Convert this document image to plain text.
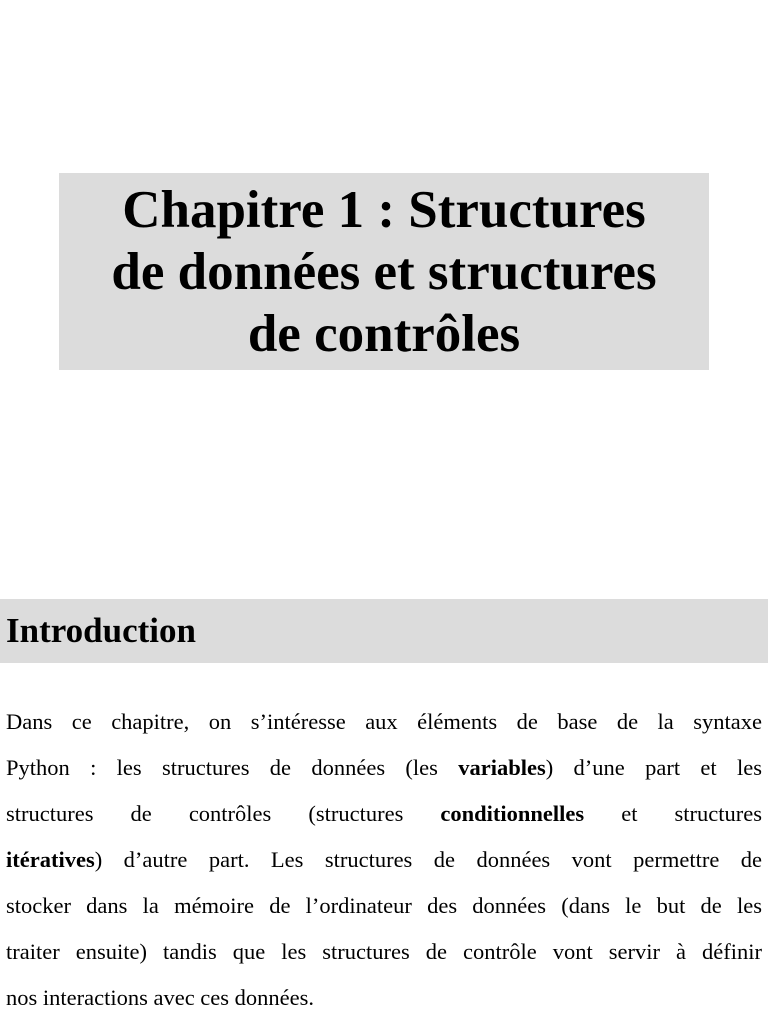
Chapitre 1 : Structures
de données et structures
de contrôles
Introduction
Dans ce chapitre, on s’intéresse aux éléments de base de la syntaxe
Python : les structures de données (les variables) d’une part et les
structures de contrôles (structures conditionnelles et structures
itératives) d’autre part. Les structures de données vont permettre de
stocker dans la mémoire de l’ordinateur des données (dans le but de les
traiter ensuite) tandis que les structures de contrôle vont servir à définir
nos interactions avec ces données.
